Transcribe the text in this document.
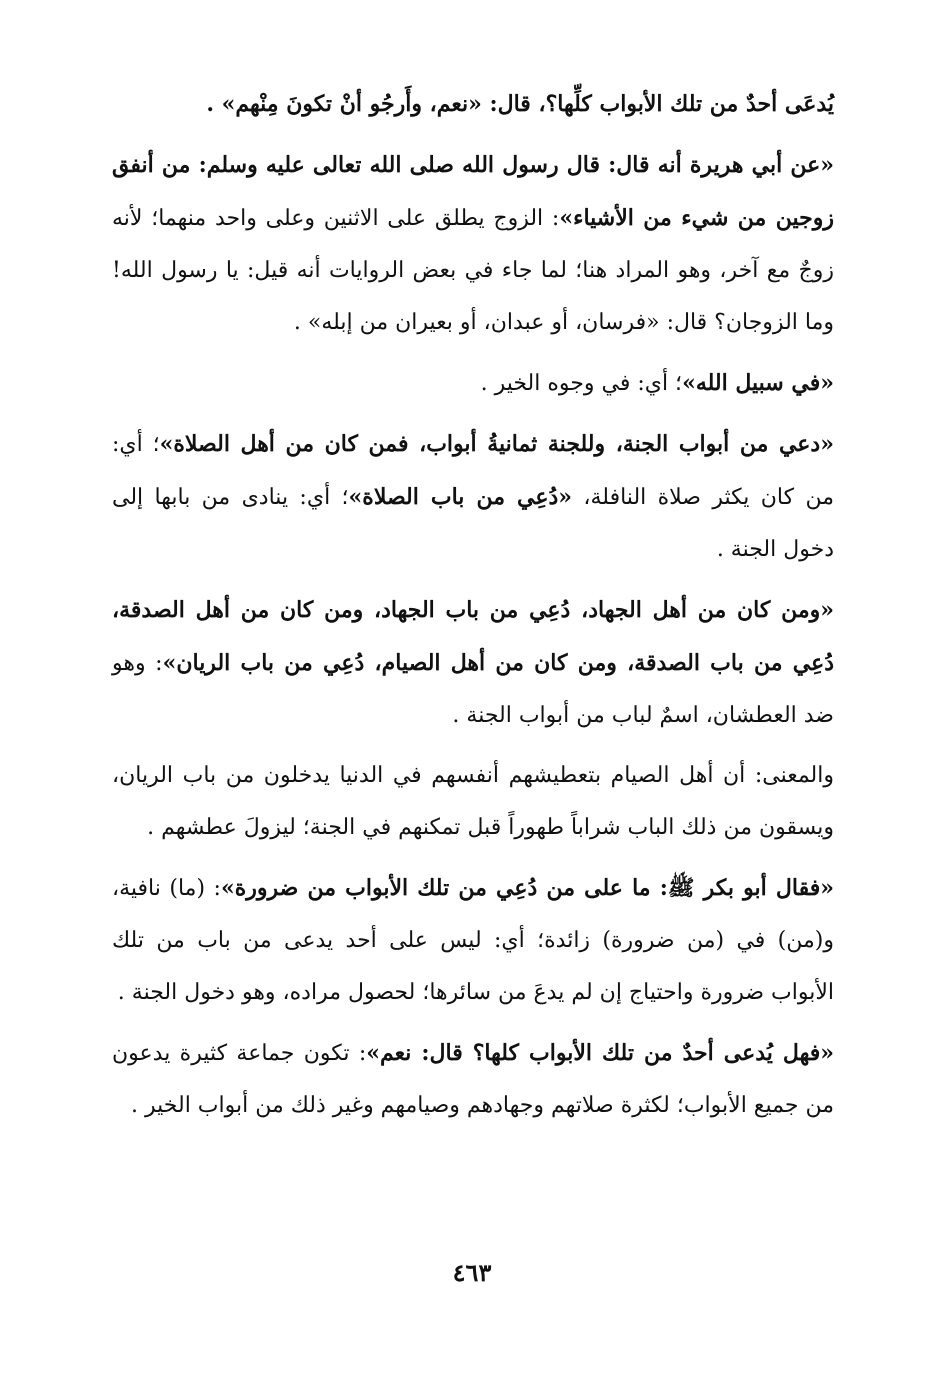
يُدعَى أحدٌ من تلك الأبواب كلِّها؟، قال: «نعم، وأَرجُو أنْ تكونَ مِنْهم» .

«عن أبي هريرة أنه قال: قال رسول الله صلى الله تعالى عليه وسلم: من أنفق زوجين من شيء من الأشياء»: الزوج يطلق على الاثنين وعلى واحد منهما؛ لأنه زوجٌ مع آخر، وهو المراد هنا؛ لما جاء في بعض الروايات أنه قيل: يا رسول الله! وما الزوجان؟ قال: «فرسان، أو عبدان، أو بعيران من إبله» .

«في سبيل الله»؛ أي: في وجوه الخير .

«دعي من أبواب الجنة، وللجنة ثمانيةُ أبواب، فمن كان من أهل الصلاة»؛ أي: من كان يكثر صلاة النافلة، «دُعِي من باب الصلاة»؛ أي: ينادى من بابها إلى دخول الجنة .

«ومن كان من أهل الجهاد، دُعِي من باب الجهاد، ومن كان من أهل الصدقة، دُعِي من باب الصدقة، ومن كان من أهل الصيام، دُعِي من باب الريان»: وهو ضد العطشان، اسمٌ لباب من أبواب الجنة .

والمعنى: أن أهل الصيام بتعطيشهم أنفسهم في الدنيا يدخلون من باب الريان، ويسقون من ذلك الباب شراباً طهوراً قبل تمكنهم في الجنة؛ ليزولَ عطشهم .

«فقال أبو بكر ﷺ: ما على من دُعِي من تلك الأبواب من ضرورة»: (ما) نافية، و(من) في (من ضرورة) زائدة؛ أي: ليس على أحد يدعى من باب من تلك الأبواب ضرورة واحتياج إن لم يدعَ من سائرها؛ لحصول مراده، وهو دخول الجنة .

«فهل يُدعى أحدٌ من تلك الأبواب كلها؟ قال: نعم»: تكون جماعة كثيرة يدعون من جميع الأبواب؛ لكثرة صلاتهم وجهادهم وصيامهم وغير ذلك من أبواب الخير .

٤٦٣
